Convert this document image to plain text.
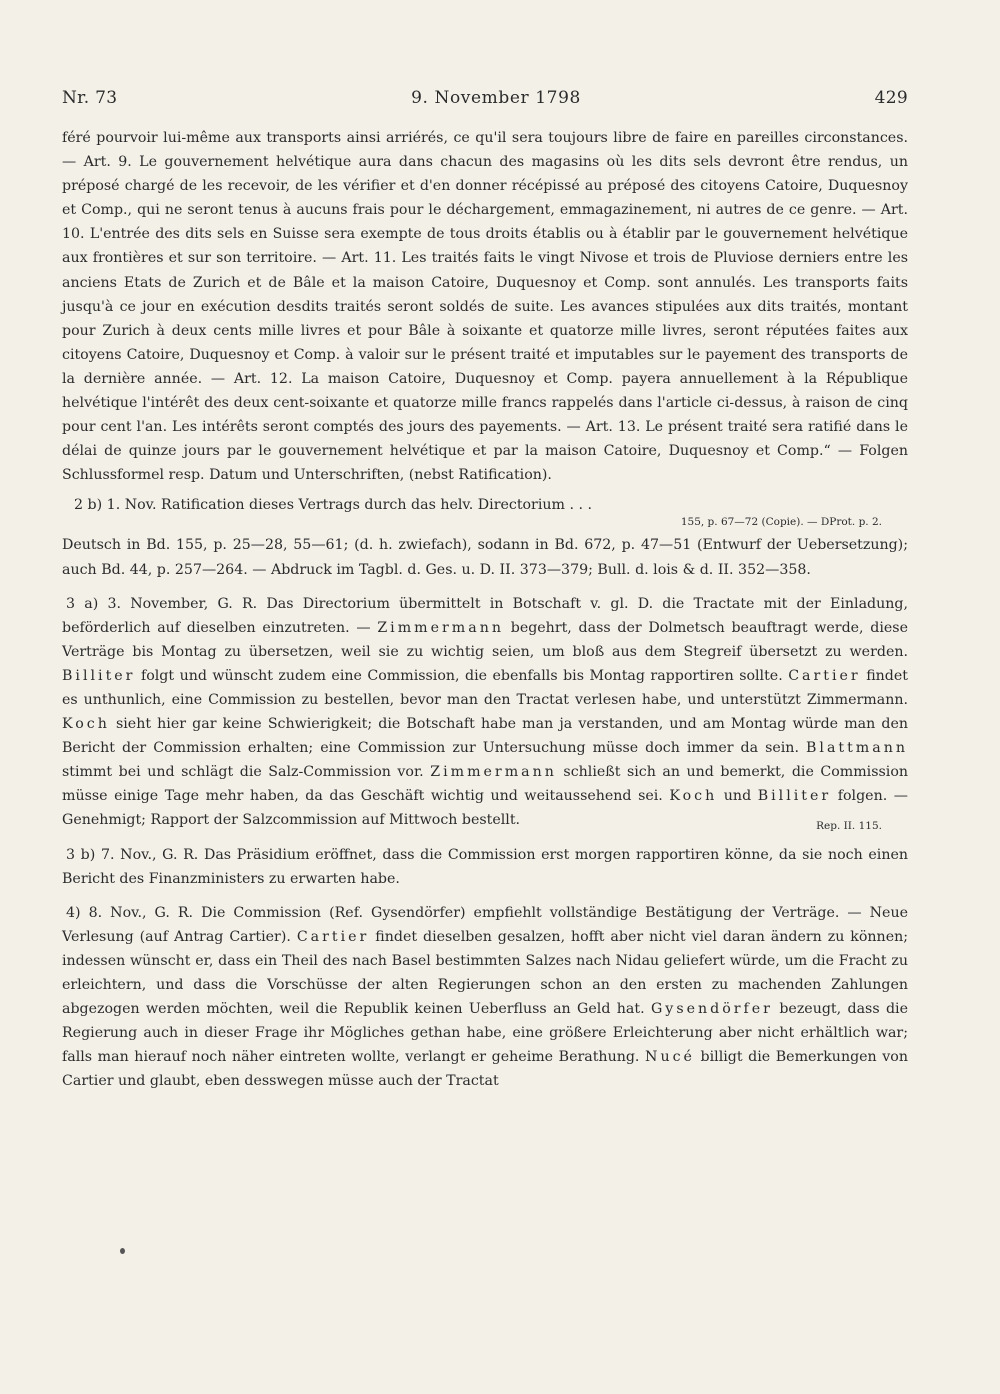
Nr. 73	9. November 1798	429

féré pourvoir lui-même aux transports ainsi arriérés, ce qu'il sera toujours libre de faire en pareilles circonstances. — Art. 9. Le gouvernement helvétique aura dans chacun des magasins où les dits sels devront être rendus, un préposé chargé de les recevoir, de les vérifier et d'en donner récépissé au préposé des citoyens Catoire, Duquesnoy et Comp., qui ne seront tenus à aucuns frais pour le déchargement, emmagazinement, ni autres de ce genre. — Art. 10. L'entrée des dits sels en Suisse sera exempte de tous droits établis ou à établir par le gouvernement helvétique aux frontières et sur son territoire. — Art. 11. Les traités faits le vingt Nivose et trois de Pluviose derniers entre les anciens Etats de Zurich et de Bâle et la maison Catoire, Duquesnoy et Comp. sont annulés. Les transports faits jusqu'à ce jour en exécution desdits traités seront soldés de suite. Les avances stipulées aux dits traités, montant pour Zurich à deux cents mille livres et pour Bâle à soixante et quatorze mille livres, seront réputées faites aux citoyens Catoire, Duquesnoy et Comp. à valoir sur le présent traité et imputables sur le payement des transports de la dernière année. — Art. 12. La maison Catoire, Duquesnoy et Comp. payera annuellement à la République helvétique l'intérêt des deux cent-soixante et quatorze mille francs rappelés dans l'article ci-dessus, à raison de cinq pour cent l'an. Les intérêts seront comptés des jours des payements. — Art. 13. Le présent traité sera ratifié dans le délai de quinze jours par le gouvernement helvétique et par la maison Catoire, Duquesnoy et Comp.“ — Folgen Schlussformel resp. Datum und Unterschriften, (nebst Ratification).

2 b) 1. Nov. Ratification dieses Vertrags durch das helv. Directorium . . .

155, p. 67—72 (Copie). — DProt. p. 2.

Deutsch in Bd. 155, p. 25—28, 55—61; (d. h. zwiefach), sodann in Bd. 672, p. 47—51 (Entwurf der Uebersetzung); auch Bd. 44, p. 257—264. — Abdruck im Tagbl. d. Ges. u. D. II. 373—379; Bull. d. lois & d. II. 352—358.

3 a) 3. November, G. R. Das Directorium übermittelt in Botschaft v. gl. D. die Tractate mit der Einladung, beförderlich auf dieselben einzutreten. — Zimmermann begehrt, dass der Dolmetsch beauftragt werde, diese Verträge bis Montag zu übersetzen, weil sie zu wichtig seien, um bloß aus dem Stegreif übersetzt zu werden. Billiter folgt und wünscht zudem eine Commission, die ebenfalls bis Montag rapportiren sollte. Cartier findet es unthunlich, eine Commission zu bestellen, bevor man den Tractat verlesen habe, und unterstützt Zimmermann. Koch sieht hier gar keine Schwierigkeit; die Botschaft habe man ja verstanden, und am Montag würde man den Bericht der Commission erhalten; eine Commission zur Untersuchung müsse doch immer da sein. Blattmann stimmt bei und schlägt die Salz-Commission vor. Zimmermann schließt sich an und bemerkt, die Commission müsse einige Tage mehr haben, da das Geschäft wichtig und weitaussehend sei. Koch und Billiter folgen. — Genehmigt; Rapport der Salzcommission auf Mittwoch bestellt.	Rep. II. 115.

3 b) 7. Nov., G. R. Das Präsidium eröffnet, dass die Commission erst morgen rapportiren könne, da sie noch einen Bericht des Finanzministers zu erwarten habe.

4) 8. Nov., G. R. Die Commission (Ref. Gysendörfer) empfiehlt vollständige Bestätigung der Verträge. — Neue Verlesung (auf Antrag Cartier). Cartier findet dieselben gesalzen, hofft aber nicht viel daran ändern zu können; indessen wünscht er, dass ein Theil des nach Basel bestimmten Salzes nach Nidau geliefert würde, um die Fracht zu erleichtern, und dass die Vorschüsse der alten Regierungen schon an den ersten zu machenden Zahlungen abgezogen werden möchten, weil die Republik keinen Ueberfluss an Geld hat. Gysendörfer bezeugt, dass die Regierung auch in dieser Frage ihr Mögliches gethan habe, eine größere Erleichterung aber nicht erhältlich war; falls man hierauf noch näher eintreten wollte, verlangt er geheime Berathung. Nucé billigt die Bemerkungen von Cartier und glaubt, eben desswegen müsse auch der Tractat
